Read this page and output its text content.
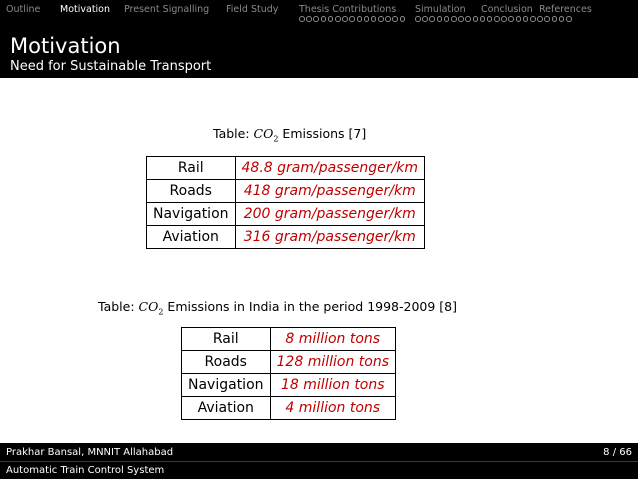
Outline	Motivation	Present Signalling	Field Study	Thesis Contributions	Simulation	Conclusion References
Motivation
Need for Sustainable Transport
Table: $CO_2$ Emissions [7]
Rail	48.8 gram/passenger/km
Roads	418 gram/passenger/km
Navigation	200 gram/passenger/km
Aviation	316 gram/passenger/km
Table: $CO_2$ Emissions in India in the period 1998-2009 [8]
Rail	8 million tons
Roads	128 million tons
Navigation	18 million tons
Aviation	4 million tons
Prakhar Bansal, MNNIT Allahabad	8 / 66
Automatic Train Control System
